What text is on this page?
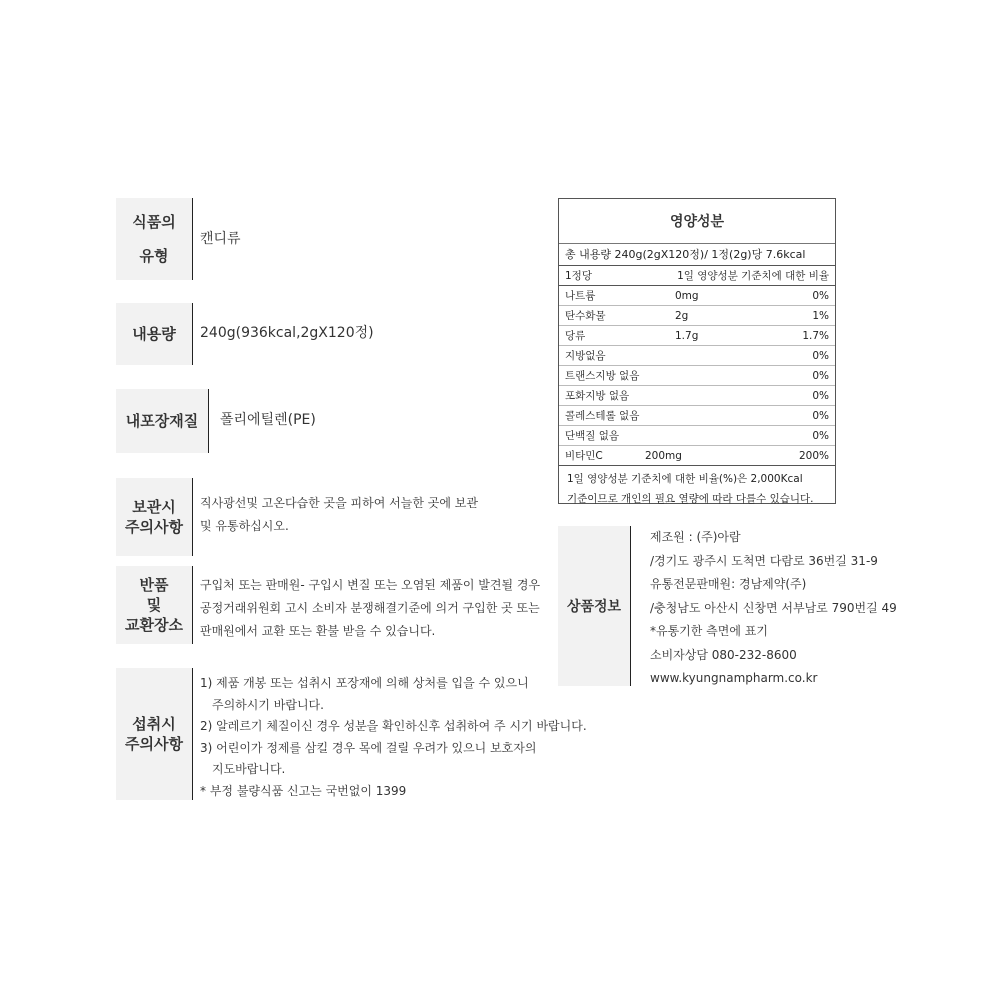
식품의
유형
캔디류
내용량 240g(936kcal,2gX120정)
내포장재질 폴리에틸렌(PE)
보관시
주의사항
직사광선및 고온다습한 곳을 피하여 서늘한 곳에 보관
및 유통하십시오.
반품
및
교환장소
구입처 또는 판매원- 구입시 변질 또는 오염된 제품이 발견될 경우
공정거래위원회 고시 소비자 분쟁해결기준에 의거 구입한 곳 또는
판매원에서 교환 또는 환불 받을 수 있습니다.
섭취시
주의사항
1) 제품 개봉 또는 섭취시 포장재에 의해 상처를 입을 수 있으니
주의하시기 바랍니다.
2) 알레르기 체질이신 경우 성분을 확인하신후 섭취하여 주 시기 바랍니다.
3) 어린이가 정제를 삼킬 경우 목에 걸릴 우려가 있으니 보호자의
지도바랍니다.
* 부정 불량식품 신고는 국번없이 1399
영양성분
총 내용량 240g(2gX120정)/ 1정(2g)당 7.6kcal
1정당	1일 영양성분 기준치에 대한 비율
나트륨	0mg	0%
탄수화물	2g	1%
당류	1.7g	1.7%
지방없음	0%
트랜스지방 없음	0%
포화지방 없음	0%
콜레스테롤 없음	0%
단백질 없음	0%
비타민C	200mg	200%
1일 영양성분 기준치에 대한 비율(%)은 2,000Kcal
기준이므로 개인의 필요 열량에 따라 다를수 있습니다.
상품정보
제조원 : (주)아람
/경기도 광주시 도척면 다람로 36번길 31-9
유통전문판매원: 경남제약(주)
/충청남도 아산시 신창면 서부남로 790번길 49
*유통기한 측면에 표기
소비자상담 080-232-8600
www.kyungnampharm.co.kr
